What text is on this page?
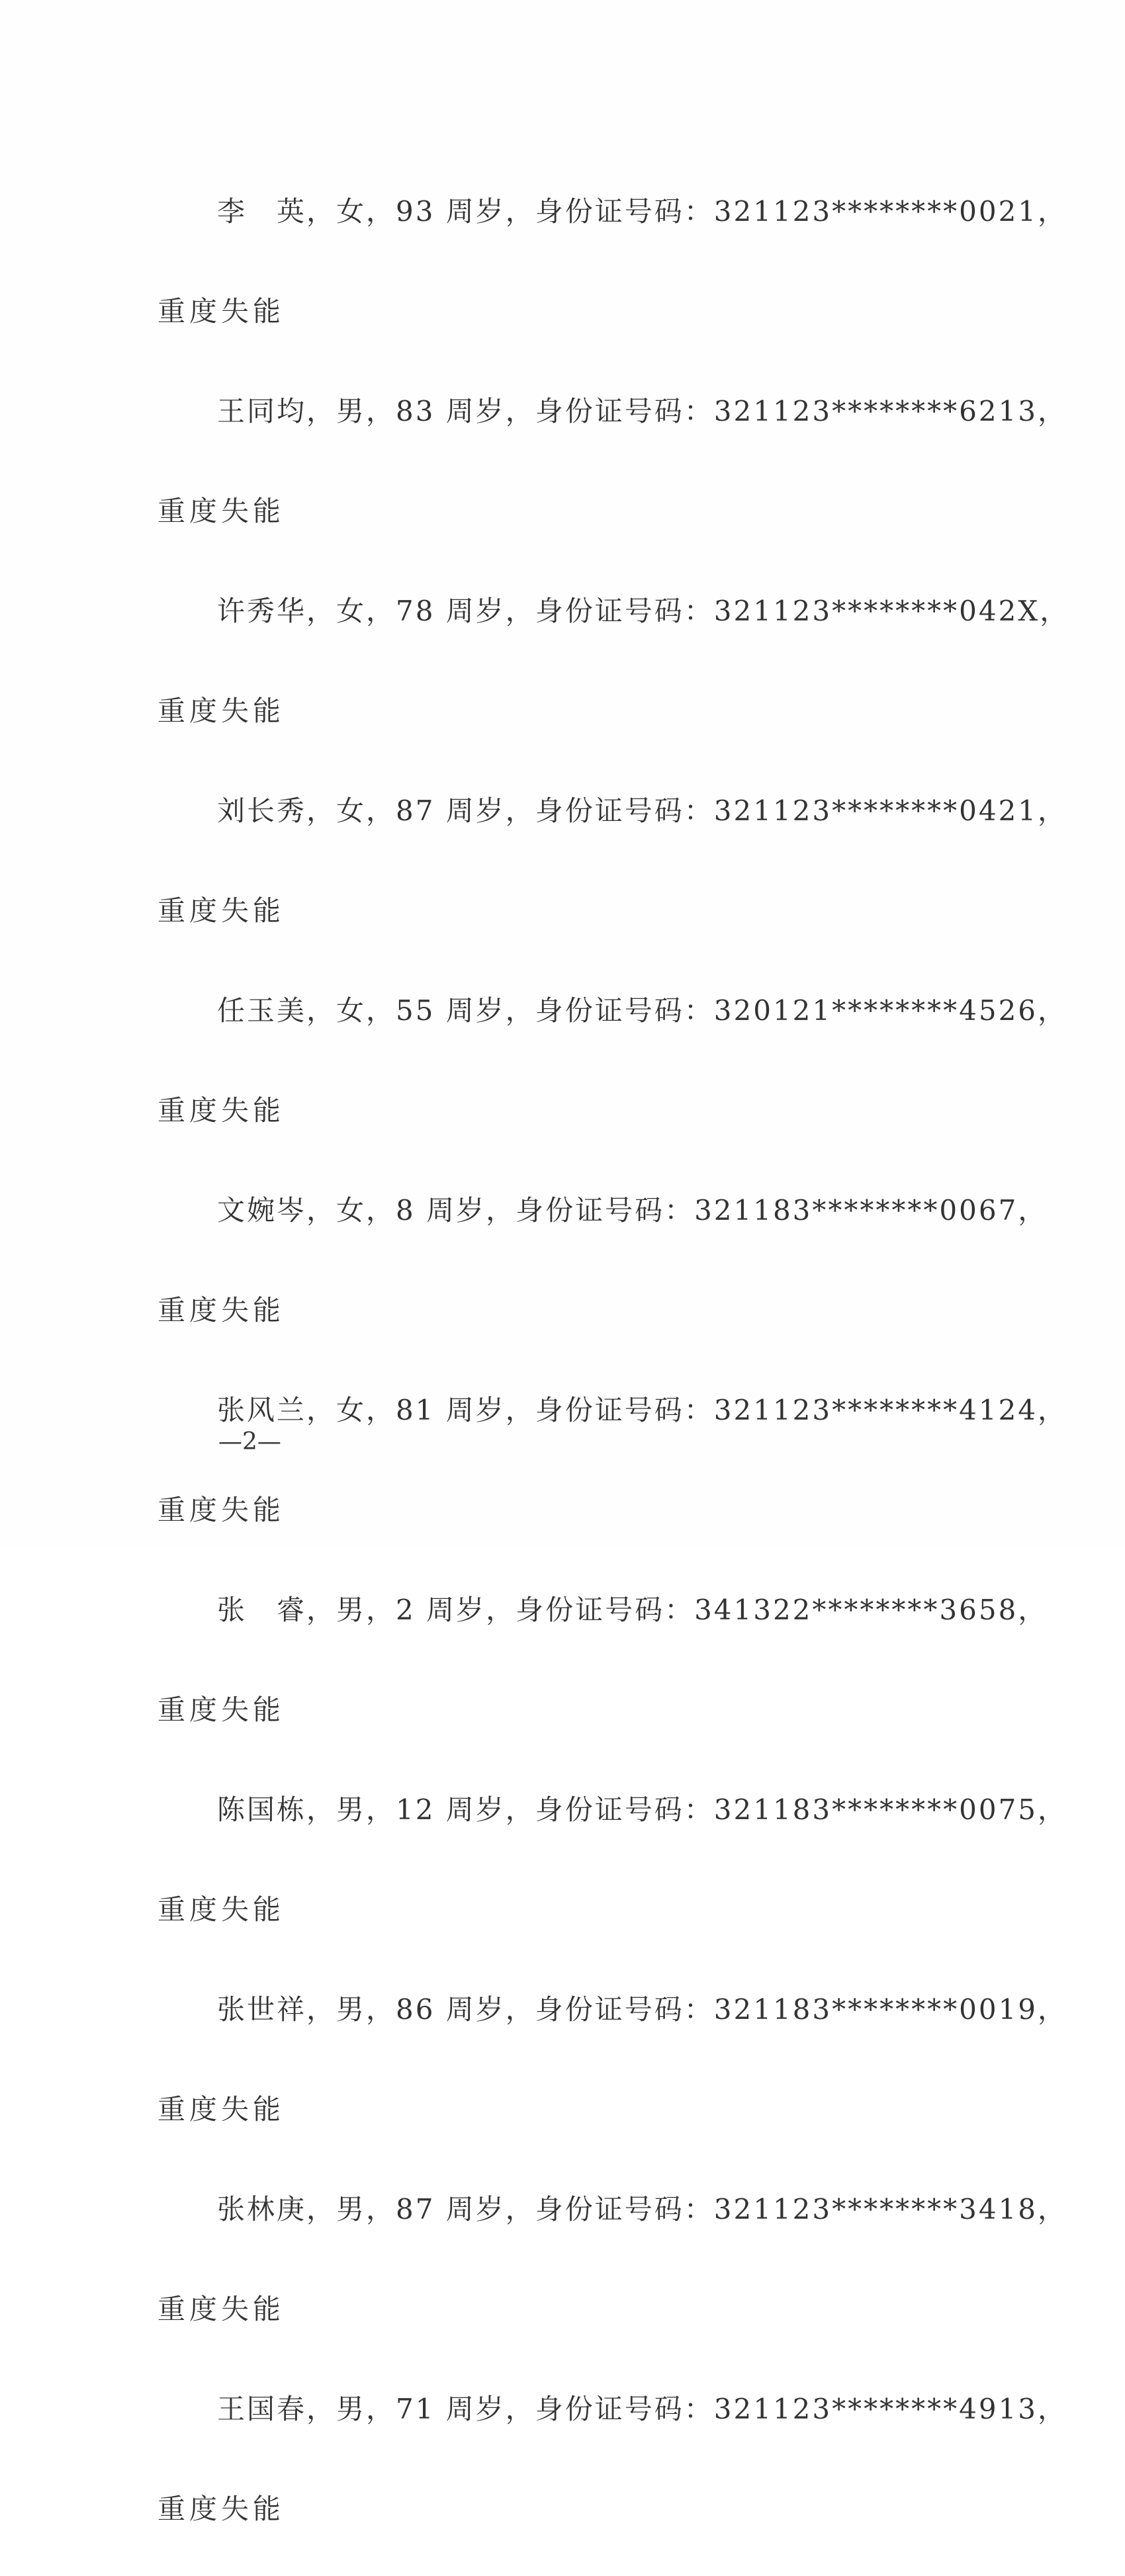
李　英，女，93 周岁，身份证号码：321123********0021，
重度失能
王同均，男，83 周岁，身份证号码：321123********6213，
重度失能
许秀华，女，78 周岁，身份证号码：321123********042X，
重度失能
刘长秀，女，87 周岁，身份证号码：321123********0421，
重度失能
任玉美，女，55 周岁，身份证号码：320121********4526，
重度失能
文婉岑，女，8 周岁，身份证号码：321183********0067，
重度失能
张风兰，女，81 周岁，身份证号码：321123********4124，
重度失能
张　睿，男，2 周岁，身份证号码：341322********3658，
重度失能
陈国栋，男，12 周岁，身份证号码：321183********0075，
重度失能
张世祥，男，86 周岁，身份证号码：321183********0019，
重度失能
张林庚，男，87 周岁，身份证号码：321123********3418，
重度失能
王国春，男，71 周岁，身份证号码：321123********4913，
重度失能
—2—
